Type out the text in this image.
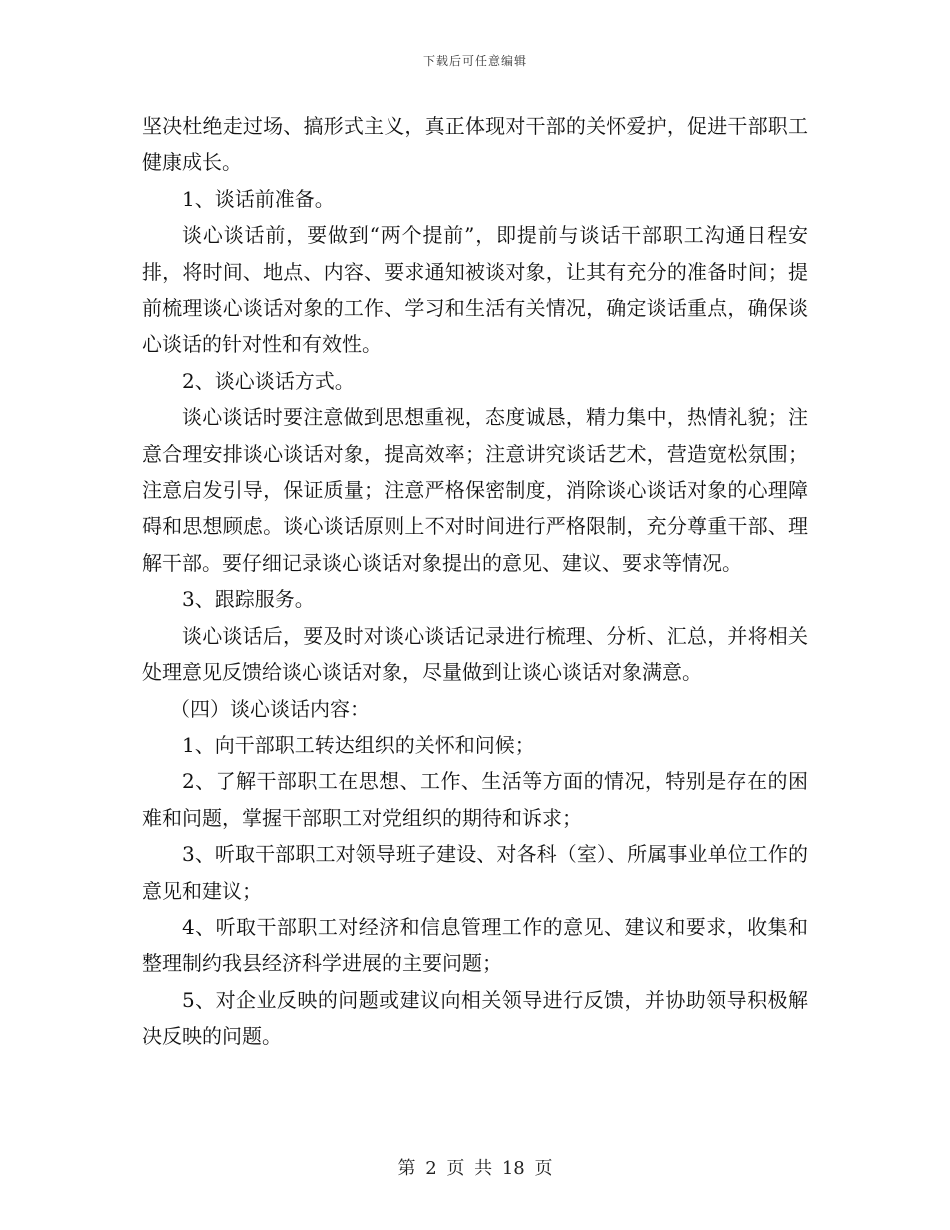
下载后可任意编辑

坚决杜绝走过场、搞形式主义，真正体现对干部的关怀爱护，促进干部职工健康成长。

1、谈话前准备。

谈心谈话前，要做到“两个提前”，即提前与谈话干部职工沟通日程安排，将时间、地点、内容、要求通知被谈对象，让其有充分的准备时间；提前梳理谈心谈话对象的工作、学习和生活有关情况，确定谈话重点，确保谈心谈话的针对性和有效性。

2、谈心谈话方式。

谈心谈话时要注意做到思想重视，态度诚恳，精力集中，热情礼貌；注意合理安排谈心谈话对象，提高效率；注意讲究谈话艺术，营造宽松氛围；注意启发引导，保证质量；注意严格保密制度，消除谈心谈话对象的心理障碍和思想顾虑。谈心谈话原则上不对时间进行严格限制，充分尊重干部、理解干部。要仔细记录谈心谈话对象提出的意见、建议、要求等情况。

3、跟踪服务。

谈心谈话后，要及时对谈心谈话记录进行梳理、分析、汇总，并将相关处理意见反馈给谈心谈话对象，尽量做到让谈心谈话对象满意。

（四）谈心谈话内容：

1、向干部职工转达组织的关怀和问候；

2、了解干部职工在思想、工作、生活等方面的情况，特别是存在的困难和问题，掌握干部职工对党组织的期待和诉求；

3、听取干部职工对领导班子建设、对各科（室）、所属事业单位工作的意见和建议；

4、听取干部职工对经济和信息管理工作的意见、建议和要求，收集和整理制约我县经济科学进展的主要问题；

5、对企业反映的问题或建议向相关领导进行反馈，并协助领导积极解决反映的问题。

第 2 页 共 18 页
